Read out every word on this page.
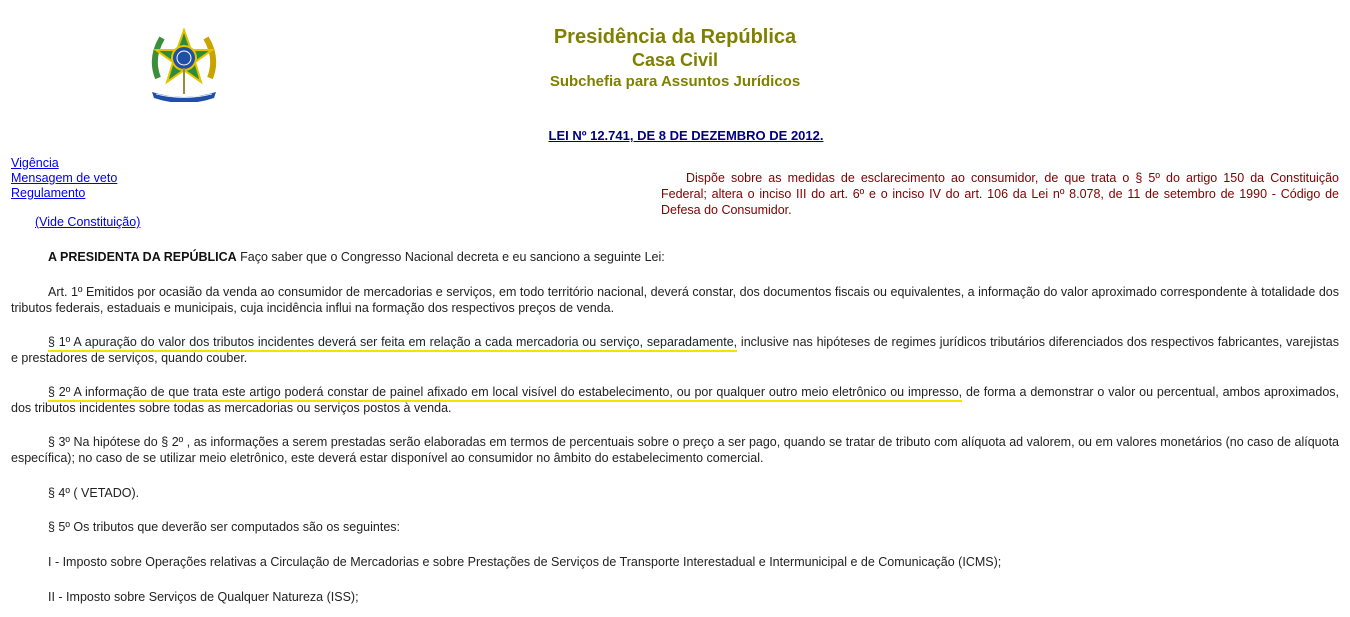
Presidência da República
Casa Civil
Subchefia para Assuntos Jurídicos
LEI Nº 12.741, DE 8 DE DEZEMBRO DE 2012.
Vigência
Mensagem de veto
Regulamento
(Vide Constituição)
Dispõe sobre as medidas de esclarecimento ao consumidor, de que trata o § 5º do artigo 150 da Constituição Federal; altera o inciso III do art. 6º e o inciso IV do art. 106 da Lei nº 8.078, de 11 de setembro de 1990 - Código de Defesa do Consumidor.

A PRESIDENTA DA REPÚBLICA Faço saber que o Congresso Nacional decreta e eu sanciono a seguinte Lei:

Art. 1º Emitidos por ocasião da venda ao consumidor de mercadorias e serviços, em todo território nacional, deverá constar, dos documentos fiscais ou equivalentes, a informação do valor aproximado correspondente à totalidade dos tributos federais, estaduais e municipais, cuja incidência influi na formação dos respectivos preços de venda.

§ 1º A apuração do valor dos tributos incidentes deverá ser feita em relação a cada mercadoria ou serviço, separadamente, inclusive nas hipóteses de regimes jurídicos tributários diferenciados dos respectivos fabricantes, varejistas e prestadores de serviços, quando couber.

§ 2º A informação de que trata este artigo poderá constar de painel afixado em local visível do estabelecimento, ou por qualquer outro meio eletrônico ou impresso, de forma a demonstrar o valor ou percentual, ambos aproximados, dos tributos incidentes sobre todas as mercadorias ou serviços postos à venda.

§ 3º Na hipótese do § 2º , as informações a serem prestadas serão elaboradas em termos de percentuais sobre o preço a ser pago, quando se tratar de tributo com alíquota ad valorem, ou em valores monetários (no caso de alíquota específica); no caso de se utilizar meio eletrônico, este deverá estar disponível ao consumidor no âmbito do estabelecimento comercial.

§ 4º ( VETADO).

§ 5º Os tributos que deverão ser computados são os seguintes:

I - Imposto sobre Operações relativas a Circulação de Mercadorias e sobre Prestações de Serviços de Transporte Interestadual e Intermunicipal e de Comunicação (ICMS);

II - Imposto sobre Serviços de Qualquer Natureza (ISS);
